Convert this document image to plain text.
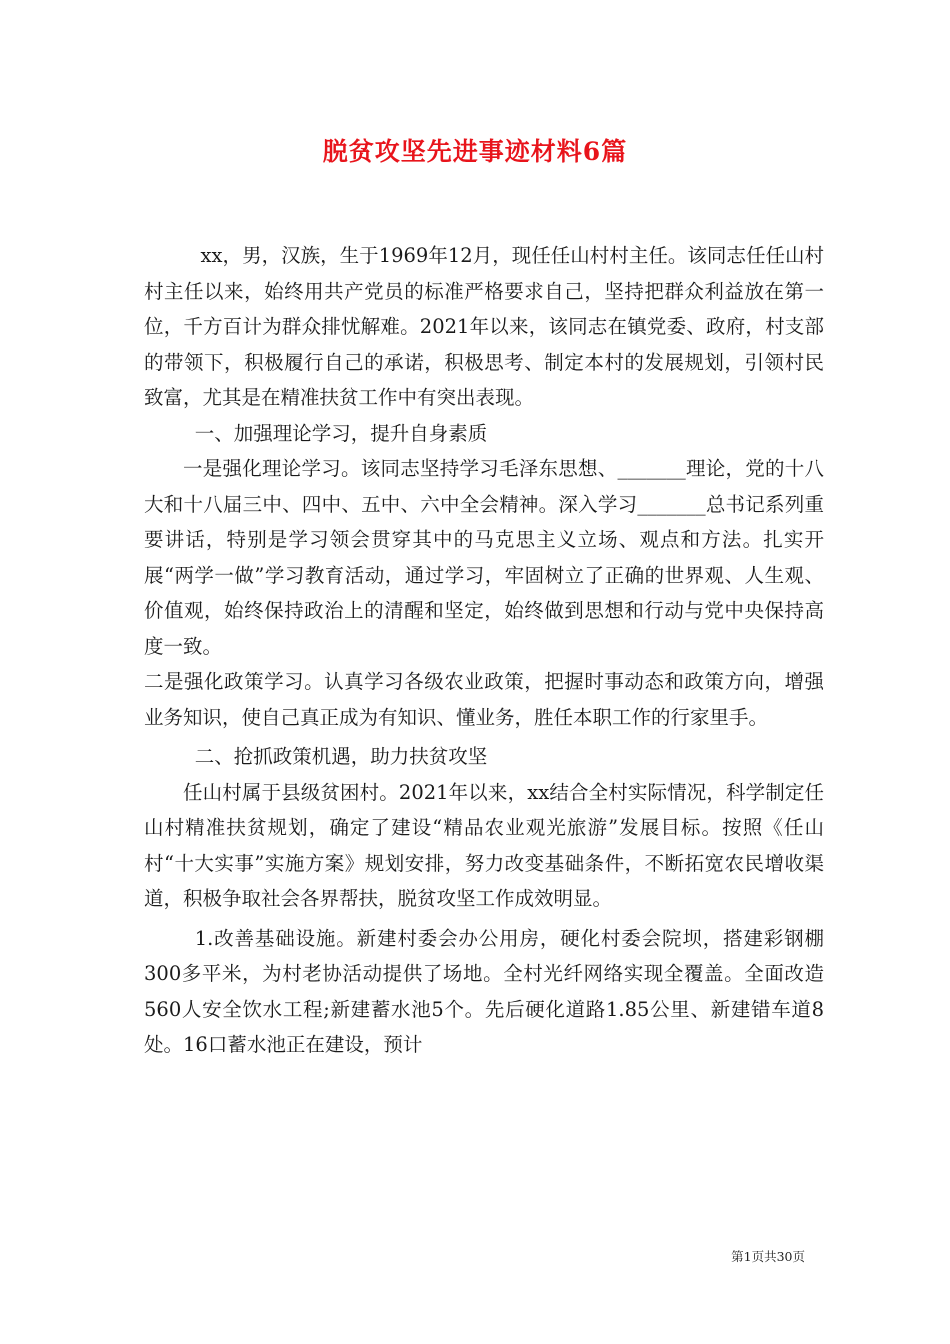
脱贫攻坚先进事迹材料6篇

xx，男，汉族，生于1969年12月，现任任山村村主任。该同志任任山村村主任以来，始终用共产党员的标准严格要求自己，坚持把群众利益放在第一位，千方百计为群众排忧解难。2021年以来，该同志在镇党委、政府，村支部的带领下，积极履行自己的承诺，积极思考、制定本村的发展规划，引领村民致富，尤其是在精准扶贫工作中有突出表现。

一、加强理论学习，提升自身素质

一是强化理论学习。该同志坚持学习毛泽东思想、_______理论，党的十八大和十八届三中、四中、五中、六中全会精神。深入学习_______总书记系列重要讲话，特别是学习领会贯穿其中的马克思主义立场、观点和方法。扎实开展“两学一做”学习教育活动，通过学习，牢固树立了正确的世界观、人生观、价值观，始终保持政治上的清醒和坚定，始终做到思想和行动与党中央保持高度一致。

二是强化政策学习。认真学习各级农业政策，把握时事动态和政策方向，增强业务知识，使自己真正成为有知识、懂业务，胜任本职工作的行家里手。

二、抢抓政策机遇，助力扶贫攻坚

任山村属于县级贫困村。2021年以来，xx结合全村实际情况，科学制定任山村精准扶贫规划，确定了建设“精品农业观光旅游”发展目标。按照《任山村“十大实事”实施方案》规划安排，努力改变基础条件，不断拓宽农民增收渠道，积极争取社会各界帮扶，脱贫攻坚工作成效明显。

1.改善基础设施。新建村委会办公用房，硬化村委会院坝，搭建彩钢棚300多平米，为村老协活动提供了场地。全村光纤网络实现全覆盖。全面改造560人安全饮水工程;新建蓄水池5个。先后硬化道路1.85公里、新建错车道8处。16口蓄水池正在建设，预计

第1页共30页
